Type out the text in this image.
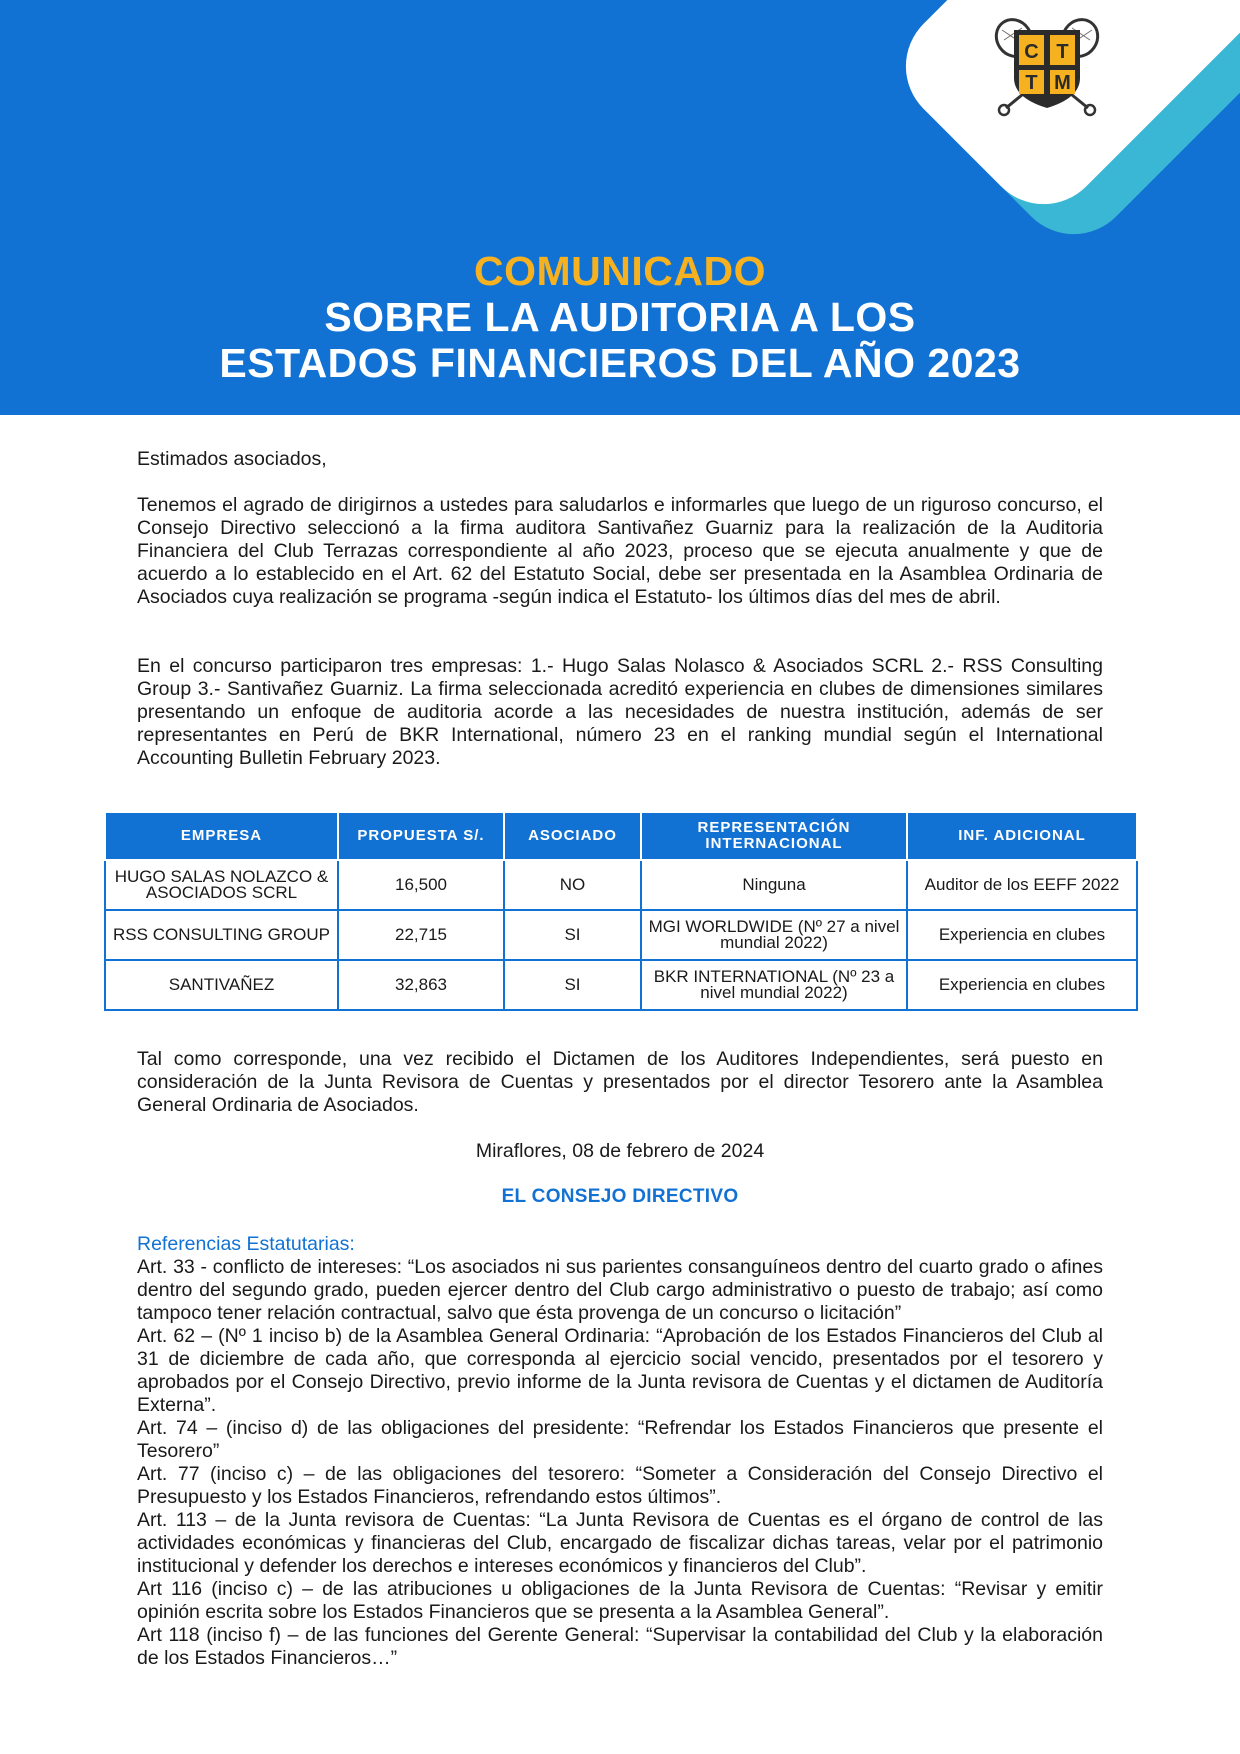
C T
T M
COMUNICADO
SOBRE LA AUDITORIA A LOS
ESTADOS FINANCIEROS DEL AÑO 2023

Estimados asociados,

Tenemos el agrado de dirigirnos a ustedes para saludarlos e informarles que luego de un riguroso concurso, el Consejo Directivo seleccionó a la firma auditora Santivañez Guarniz para la realización de la Auditoria Financiera del Club Terrazas correspondiente al año 2023, proceso que se ejecuta anualmente y que de acuerdo a lo establecido en el Art. 62 del Estatuto Social, debe ser presentada en la Asamblea Ordinaria de Asociados cuya realización se programa -según indica el Estatuto- los últimos días del mes de abril.

En el concurso participaron tres empresas: 1.- Hugo Salas Nolasco & Asociados SCRL 2.- RSS Consulting Group 3.- Santivañez Guarniz. La firma seleccionada acreditó experiencia en clubes de dimensiones similares presentando un enfoque de auditoria acorde a las necesidades de nuestra institución, además de ser representantes en Perú de BKR International, número 23 en el ranking mundial según el International Accounting Bulletin February 2023.

EMPRESA	PROPUESTA S/.	ASOCIADO	REPRESENTACIÓN INTERNACIONAL	INF. ADICIONAL
HUGO SALAS NOLAZCO & ASOCIADOS SCRL	16,500	NO	Ninguna	Auditor de los EEFF 2022
RSS CONSULTING GROUP	22,715	SI	MGI WORLDWIDE (Nº 27 a nivel mundial 2022)	Experiencia en clubes
SANTIVAÑEZ	32,863	SI	BKR INTERNATIONAL (Nº 23 a nivel mundial 2022)	Experiencia en clubes

Tal como corresponde, una vez recibido el Dictamen de los Auditores Independientes, será puesto en consideración de la Junta Revisora de Cuentas y presentados por el director Tesorero ante la Asamblea General Ordinaria de Asociados.

Miraflores, 08 de febrero de 2024
EL CONSEJO DIRECTIVO

Referencias Estatutarias:

Art. 33 - conflicto de intereses: “Los asociados ni sus parientes consanguíneos dentro del cuarto grado o afines dentro del segundo grado, pueden ejercer dentro del Club cargo administrativo o puesto de trabajo; así como tampoco tener relación contractual, salvo que ésta provenga de un concurso o licitación”

Art. 62 – (Nº 1 inciso b) de la Asamblea General Ordinaria: “Aprobación de los Estados Financieros del Club al 31 de diciembre de cada año, que corresponda al ejercicio social vencido, presentados por el tesorero y aprobados por el Consejo Directivo, previo informe de la Junta revisora de Cuentas y el dictamen de Auditoría Externa”.

Art. 74 – (inciso d) de las obligaciones del presidente: “Refrendar los Estados Financieros que presente el Tesorero”

Art. 77 (inciso c) – de las obligaciones del tesorero: “Someter a Consideración del Consejo Directivo el Presupuesto y los Estados Financieros, refrendando estos últimos”.

Art. 113 – de la Junta revisora de Cuentas: “La Junta Revisora de Cuentas es el órgano de control de las actividades económicas y financieras del Club, encargado de fiscalizar dichas tareas, velar por el patrimonio institucional y defender los derechos e intereses económicos y financieros del Club”.

Art 116 (inciso c) – de las atribuciones u obligaciones de la Junta Revisora de Cuentas: “Revisar y emitir opinión escrita sobre los Estados Financieros que se presenta a la Asamblea General”.

Art 118 (inciso f) – de las funciones del Gerente General: “Supervisar la contabilidad del Club y la elaboración de los Estados Financieros…”
